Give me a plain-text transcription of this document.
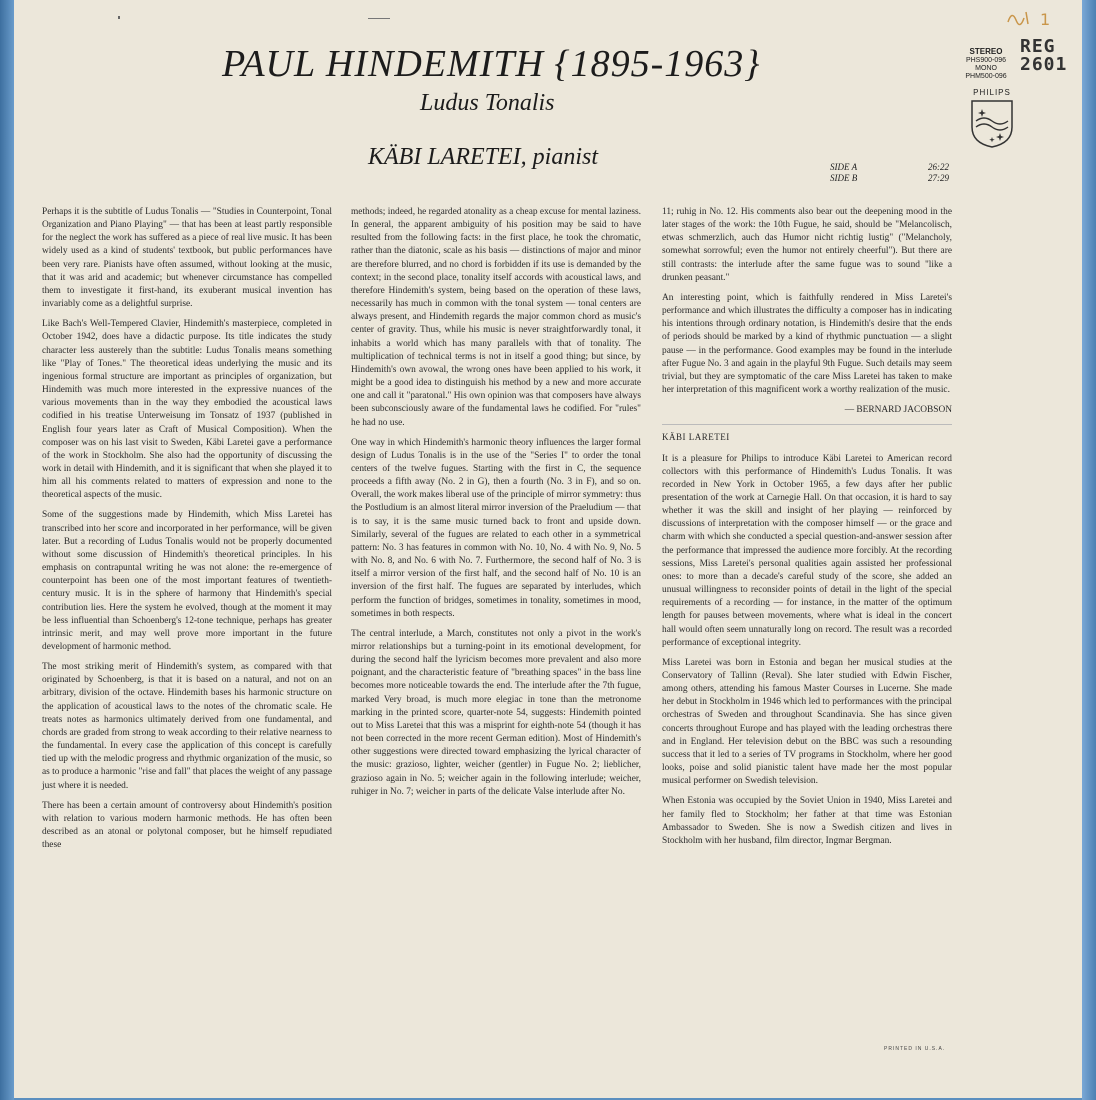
PAUL HINDEMITH {1895-1963}
Ludus Tonalis
KÄBI LARETEI, pianist	SIDE A	26:22
SIDE B	27:29
STEREO
PHS900-096
MONO
PHM500-096
1
REG
2601
PHILIPS

Perhaps it is the subtitle of Ludus Tonalis — "Studies in Counterpoint, Tonal Organization and Piano Playing" — that has been at least partly responsible for the neglect the work has suffered as a piece of real live music. It has been widely used as a kind of students' textbook, but public performances have been very rare. Pianists have often assumed, without looking at the music, that it was arid and academic; but whenever circumstance has compelled them to investigate it first-hand, its exuberant musical invention has invariably come as a delightful surprise.

Like Bach's Well-Tempered Clavier, Hindemith's masterpiece, completed in October 1942, does have a didactic purpose. Its title indicates the study character less austerely than the subtitle: Ludus Tonalis means something like "Play of Tones." The theoretical ideas underlying the music and its ingenious formal structure are important as principles of organization, but Hindemith was much more interested in the expressive nuances of the various movements than in the way they embodied the acoustical laws codified in his treatise Unterweisung im Tonsatz of 1937 (published in English four years later as Craft of Musical Composition). When the composer was on his last visit to Sweden, Käbi Laretei gave a performance of the work in Stockholm. She also had the opportunity of discussing the work in detail with Hindemith, and it is significant that when she played it to him all his comments related to matters of expression and none to the theoretical aspects of the music.

Some of the suggestions made by Hindemith, which Miss Laretei has transcribed into her score and incorporated in her performance, will be given later. But a recording of Ludus Tonalis would not be properly documented without some discussion of Hindemith's theoretical principles. In his emphasis on contrapuntal writing he was not alone: the re-emergence of counterpoint has been one of the most important features of twentieth-century music. It is in the sphere of harmony that Hindemith's special contribution lies. Here the system he evolved, though at the moment it may be less influential than Schoenberg's 12-tone technique, perhaps has greater intrinsic merit, and may well prove more important in the future development of harmonic method.

The most striking merit of Hindemith's system, as compared with that originated by Schoenberg, is that it is based on a natural, and not on an arbitrary, division of the octave. Hindemith bases his harmonic structure on the application of acoustical laws to the notes of the chromatic scale. He treats notes as harmonics ultimately derived from one fundamental, and chords are graded from strong to weak according to their relative nearness to the fundamental. In every case the application of this concept is carefully tied up with the melodic progress and rhythmic organization of the music, so as to produce a harmonic "rise and fall" that places the weight of any passage just where it is needed.

There has been a certain amount of controversy about Hindemith's position with relation to various modern harmonic methods. He has often been described as an atonal or polytonal composer, but he himself repudiated these

methods; indeed, he regarded atonality as a cheap excuse for mental laziness. In general, the apparent ambiguity of his position may be said to have resulted from the following facts: in the first place, he took the chromatic, rather than the diatonic, scale as his basis — distinctions of major and minor are therefore blurred, and no chord is forbidden if its use is demanded by the context; in the second place, tonality itself accords with acoustical laws, and therefore Hindemith's system, being based on the operation of these laws, necessarily has much in common with the tonal system — tonal centers are always present, and Hindemith regards the major common chord as music's center of gravity. Thus, while his music is never straightforwardly tonal, it inhabits a world which has many parallels with that of tonality. The multiplication of technical terms is not in itself a good thing; but since, by Hindemith's own avowal, the wrong ones have been applied to his work, it might be a good idea to distinguish his method by a new and more accurate one and call it "paratonal." His own opinion was that composers have always been subconsciously aware of the fundamental laws he codified. For "rules" he had no use.

One way in which Hindemith's harmonic theory influences the larger formal design of Ludus Tonalis is in the use of the "Series I" to order the tonal centers of the twelve fugues. Starting with the first in C, the sequence proceeds a fifth away (No. 2 in G), then a fourth (No. 3 in F), and so on. Overall, the work makes liberal use of the principle of mirror symmetry: thus the Postludium is an almost literal mirror inversion of the Praeludium — that is to say, it is the same music turned back to front and upside down. Similarly, several of the fugues are related to each other in a symmetrical pattern: No. 3 has features in common with No. 10, No. 4 with No. 9, No. 5 with No. 8, and No. 6 with No. 7. Furthermore, the second half of No. 3 is itself a mirror version of the first half, and the second half of No. 10 is an inversion of the first half. The fugues are separated by interludes, which perform the function of bridges, sometimes in tonality, sometimes in mood, sometimes in both respects.

The central interlude, a March, constitutes not only a pivot in the work's mirror relationships but a turning-point in its emotional development, for during the second half the lyricism becomes more prevalent and also more poignant, and the characteristic feature of "breathing spaces" in the bass line becomes more noticeable towards the end. The interlude after the 7th fugue, marked Very broad, is much more elegiac in tone than the metronome marking in the printed score, quarter-note 54, suggests: Hindemith pointed out to Miss Laretei that this was a misprint for eighth-note 54 (though it has not been corrected in the more recent German edition). Most of Hindemith's other suggestions were directed toward emphasizing the lyrical character of the music: grazioso, lighter, weicher (gentler) in Fugue No. 2; lieblicher, grazioso again in No. 5; weicher again in the following interlude; weicher, ruhiger in No. 7; weicher in parts of the delicate Valse interlude after No.

11; ruhig in No. 12. His comments also bear out the deepening mood in the later stages of the work: the 10th Fugue, he said, should be "Melancolisch, etwas schmerzlich, auch das Humor nicht richtig lustig" ("Melancholy, somewhat sorrowful; even the humor not entirely cheerful"). But there are still contrasts: the interlude after the same fugue was to sound "like a drunken peasant."

An interesting point, which is faithfully rendered in Miss Laretei's performance and which illustrates the difficulty a composer has in indicating his intentions through ordinary notation, is Hindemith's desire that the ends of periods should be marked by a kind of rhythmic punctuation — a slight pause — in the performance. Good examples may be found in the interlude after Fugue No. 3 and again in the playful 9th Fugue. Such details may seem trivial, but they are symptomatic of the care Miss Laretei has taken to make her interpretation of this magnificent work a worthy realization of the music.

— BERNARD JACOBSON

KÄBI LARETEI

It is a pleasure for Philips to introduce Käbi Laretei to American record collectors with this performance of Hindemith's Ludus Tonalis. It was recorded in New York in October 1965, a few days after her public presentation of the work at Carnegie Hall. On that occasion, it is hard to say whether it was the skill and insight of her playing — reinforced by discussions of interpretation with the composer himself — or the grace and charm with which she conducted a special question-and-answer session after the performance that impressed the audience more forcibly. At the recording sessions, Miss Laretei's personal qualities again assisted her professional ones: to more than a decade's careful study of the score, she added an unusual willingness to reconsider points of detail in the light of the special requirements of a recording — for instance, in the matter of the optimum length for pauses between movements, where what is ideal in the concert hall would often seem unnaturally long on record. The result was a recorded performance of exceptional integrity.

Miss Laretei was born in Estonia and began her musical studies at the Conservatory of Tallinn (Reval). She later studied with Edwin Fischer, among others, attending his famous Master Courses in Lucerne. She made her debut in Stockholm in 1946 which led to performances with the principal orchestras of Sweden and throughout Scandinavia. She has since given concerts throughout Europe and has played with the leading orchestras there and in England. Her television debut on the BBC was such a resounding success that it led to a series of TV programs in Stockholm, where her good looks, poise and solid pianistic talent have made her the most popular musical performer on Swedish television.

When Estonia was occupied by the Soviet Union in 1940, Miss Laretei and her family fled to Stockholm; her father at that time was Estonian Ambassador to Sweden. She is now a Swedish citizen and lives in Stockholm with her husband, film director, Ingmar Bergman.

PRINTED IN U.S.A.
